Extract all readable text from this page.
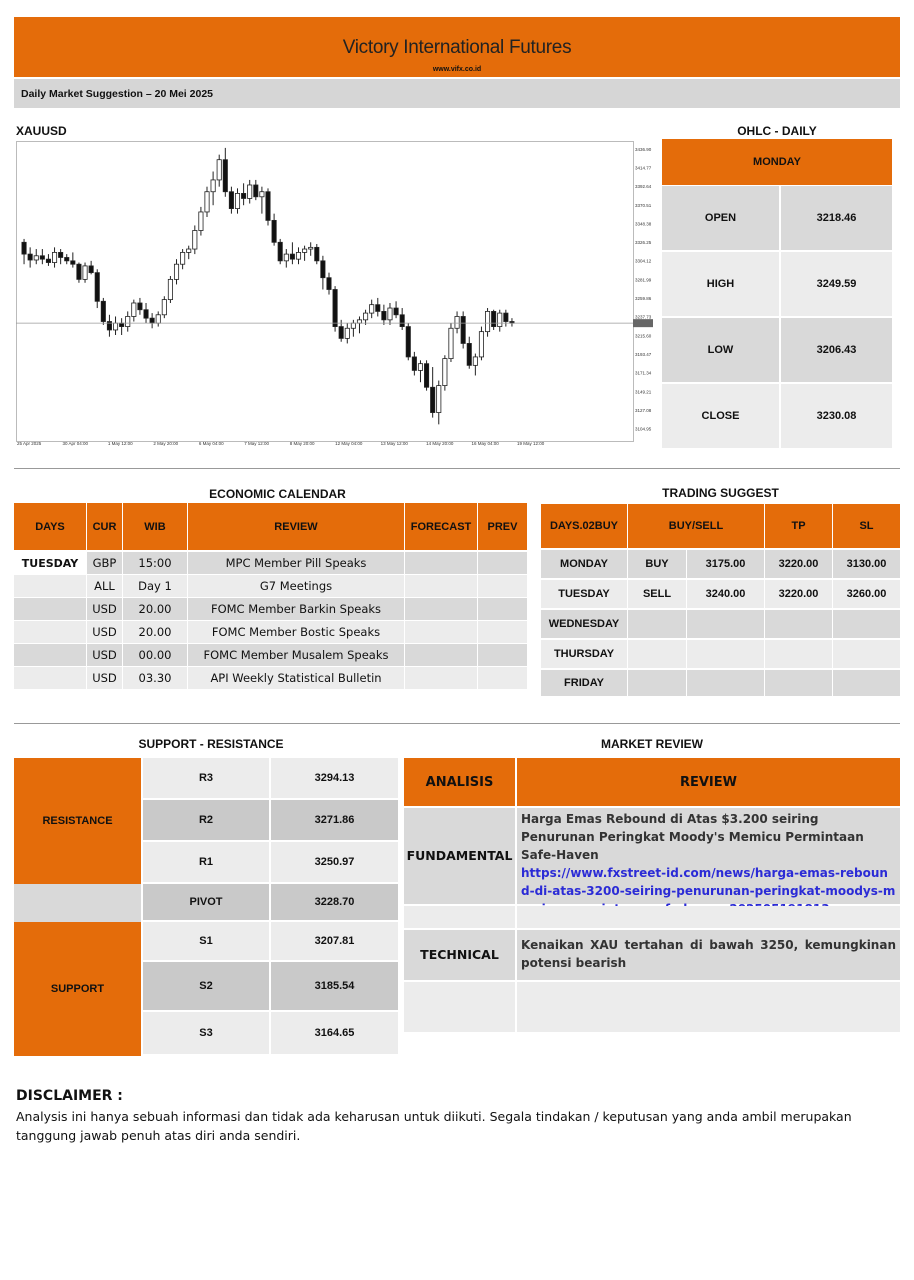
Victory International Futures
www.vifx.co.id
Daily Market Suggestion – 20 Mei 2025
XAUUSD
3436.90
3414.77
3392.64
3370.51
3348.38
3326.25
3304.12
3281.99
3259.86
3237.73
3215.60
3193.47
3171.34
3149.21
3127.08
3104.95
25 Apr 2025	30 Apr 04:00	1 May 12:00	2 May 20:00	6 May 04:00	7 May 12:00	8 May 20:00	12 May 04:00	13 May 12:00	14 May 20:00	16 May 04:00	19 May 12:00
OHLC - DAILY
MONDAY
OPEN	3218.46
HIGH	3249.59
LOW	3206.43
CLOSE	3230.08
ECONOMIC CALENDAR
DAYS	CUR	WIB	REVIEW	FORECAST	PREV
TUESDAY	GBP	15:00	MPC Member Pill Speaks
ALL	Day 1	G7 Meetings
USD	20.00	FOMC Member Barkin Speaks
USD	20.00	FOMC Member Bostic Speaks
USD	00.00	FOMC Member Musalem Speaks
USD	03.30	API Weekly Statistical Bulletin
TRADING SUGGEST
DAYS.02BUY	BUY/SELL	TP	SL
MONDAY	BUY	3175.00	3220.00	3130.00
TUESDAY	SELL	3240.00	3220.00	3260.00
WEDNESDAY
THURSDAY
FRIDAY
SUPPORT - RESISTANCE
RESISTANCE
SUPPORT
R3	3294.13
R2	3271.86
R1	3250.97
PIVOT	3228.70
S1	3207.81
S2	3185.54
S3	3164.65
MARKET REVIEW
ANALISIS	REVIEW
FUNDAMENTAL
Harga Emas Rebound di Atas $3.200 seiring Penurunan Peringkat Moody's Memicu Permintaan Safe-Haven
https://www.fxstreet-id.com/news/harga-emas-rebound-di-atas-3200-seiring-penurunan-peringkat-moodys-m
TECHNICAL
Kenaikan XAU tertahan di bawah 3250, kemungkinan potensi bearish
DISCLAIMER :
Analysis ini hanya sebuah informasi dan tidak ada keharusan untuk diikuti. Segala tindakan / keputusan yang anda ambil merupakan tanggung jawab penuh atas diri anda sendiri.
